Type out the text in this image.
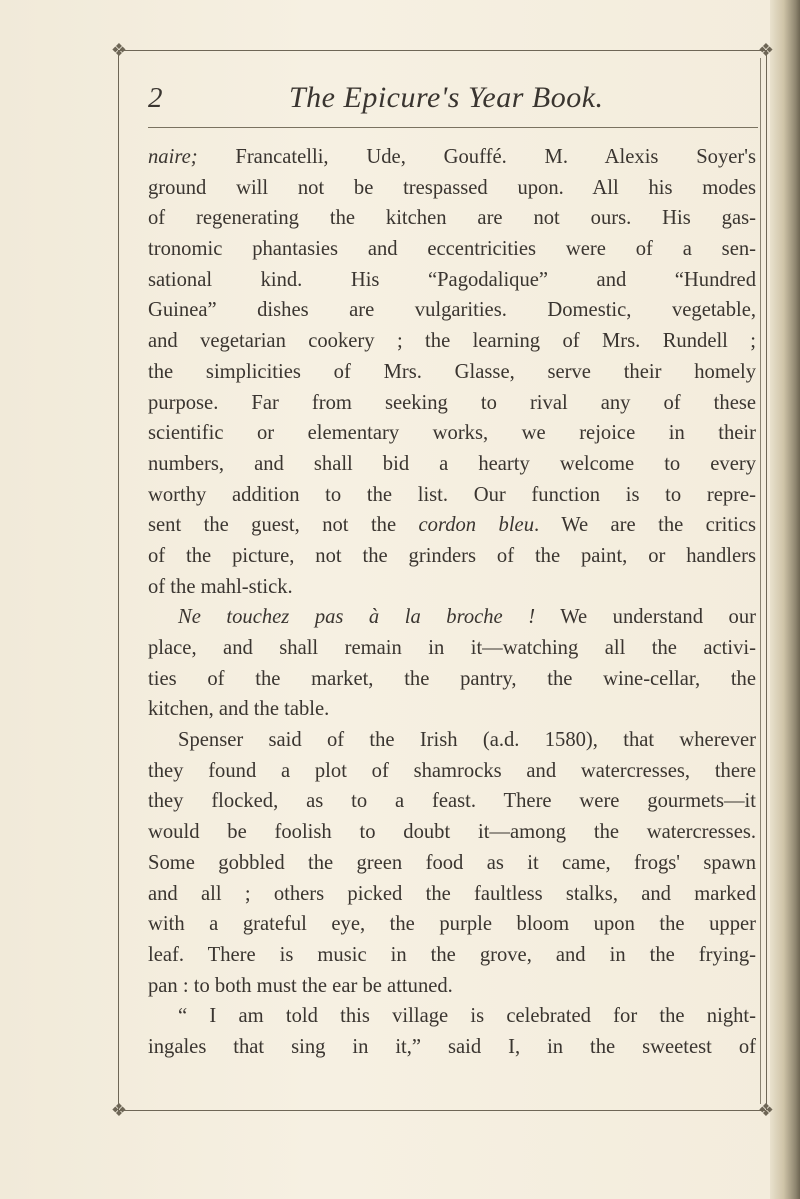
❖	❖
❖	❖
2	The Epicure's Year Book.
naire; Francatelli, Ude, Gouffé. M. Alexis Soyer's
ground will not be trespassed upon. All his modes
of regenerating the kitchen are not ours. His gas-
tronomic phantasies and eccentricities were of a sen-
sational kind. His “Pagodalique” and “Hundred
Guinea” dishes are vulgarities. Domestic, vegetable,
and vegetarian cookery ; the learning of Mrs. Rundell ;
the simplicities of Mrs. Glasse, serve their homely
purpose. Far from seeking to rival any of these
scientific or elementary works, we rejoice in their
numbers, and shall bid a hearty welcome to every
worthy addition to the list. Our function is to repre-
sent the guest, not the cordon bleu. We are the critics
of the picture, not the grinders of the paint, or handlers
of the mahl-stick.
Ne touchez pas à la broche ! We understand our
place, and shall remain in it—watching all the activi-
ties of the market, the pantry, the wine-cellar, the
kitchen, and the table.
Spenser said of the Irish (a.d. 1580), that wherever
they found a plot of shamrocks and watercresses, there
they flocked, as to a feast. There were gourmets—it
would be foolish to doubt it—among the watercresses.
Some gobbled the green food as it came, frogs' spawn
and all ; others picked the faultless stalks, and marked
with a grateful eye, the purple bloom upon the upper
leaf. There is music in the grove, and in the frying-
pan : to both must the ear be attuned.
“ I am told this village is celebrated for the night-
ingales that sing in it,” said I, in the sweetest of
